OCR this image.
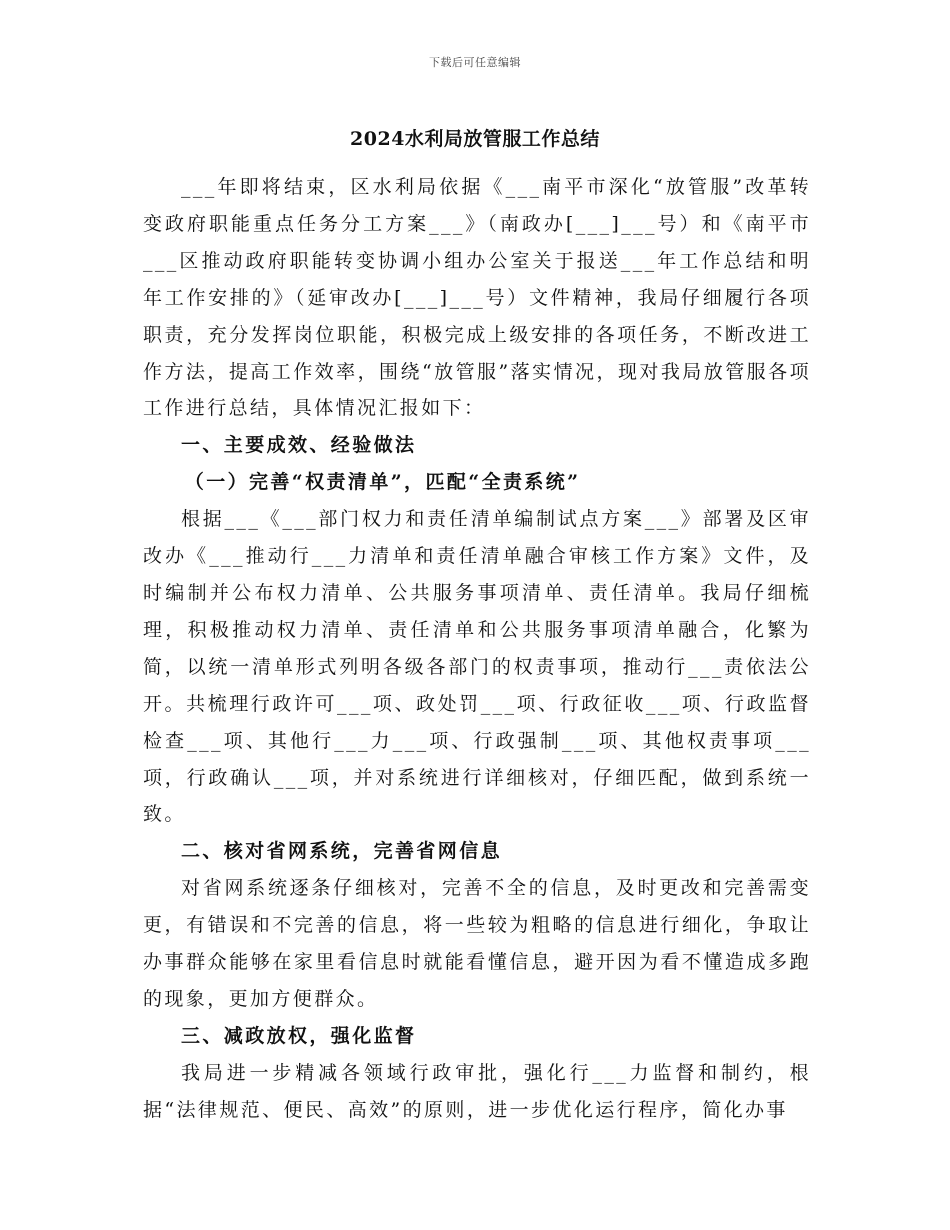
下载后可任意编辑
2024水利局放管服工作总结

___年即将结束，区水利局依据《___南平市深化“放管服”改革转变政府职能重点任务分工方案___》（南政办[___]___号）和《南平市___区推动政府职能转变协调小组办公室关于报送___年工作总结和明年工作安排的》（延审改办[___]___号）文件精神，我局仔细履行各项职责，充分发挥岗位职能，积极完成上级安排的各项任务，不断改进工作方法，提高工作效率，围绕“放管服”落实情况，现对我局放管服各项工作进行总结，具体情况汇报如下：

一、主要成效、经验做法

（一）完善“权责清单”，匹配“全责系统”

根据___《___部门权力和责任清单编制试点方案___》部署及区审改办《___推动行___力清单和责任清单融合审核工作方案》文件，及时编制并公布权力清单、公共服务事项清单、责任清单。我局仔细梳理，积极推动权力清单、责任清单和公共服务事项清单融合，化繁为简，以统一清单形式列明各级各部门的权责事项，推动行___责依法公开。共梳理行政许可___项、政处罚___项、行政征收___项、行政监督检查___项、其他行___力___项、行政强制___项、其他权责事项___项，行政确认___项，并对系统进行详细核对，仔细匹配，做到系统一致。

二、核对省网系统，完善省网信息

对省网系统逐条仔细核对，完善不全的信息，及时更改和完善需变更，有错误和不完善的信息，将一些较为粗略的信息进行细化，争取让办事群众能够在家里看信息时就能看懂信息，避开因为看不懂造成多跑的现象，更加方便群众。

三、减政放权，强化监督

我局进一步精减各领域行政审批，强化行___力监督和制约，根据“法律规范、便民、高效”的原则，进一步优化运行程序，简化办事
